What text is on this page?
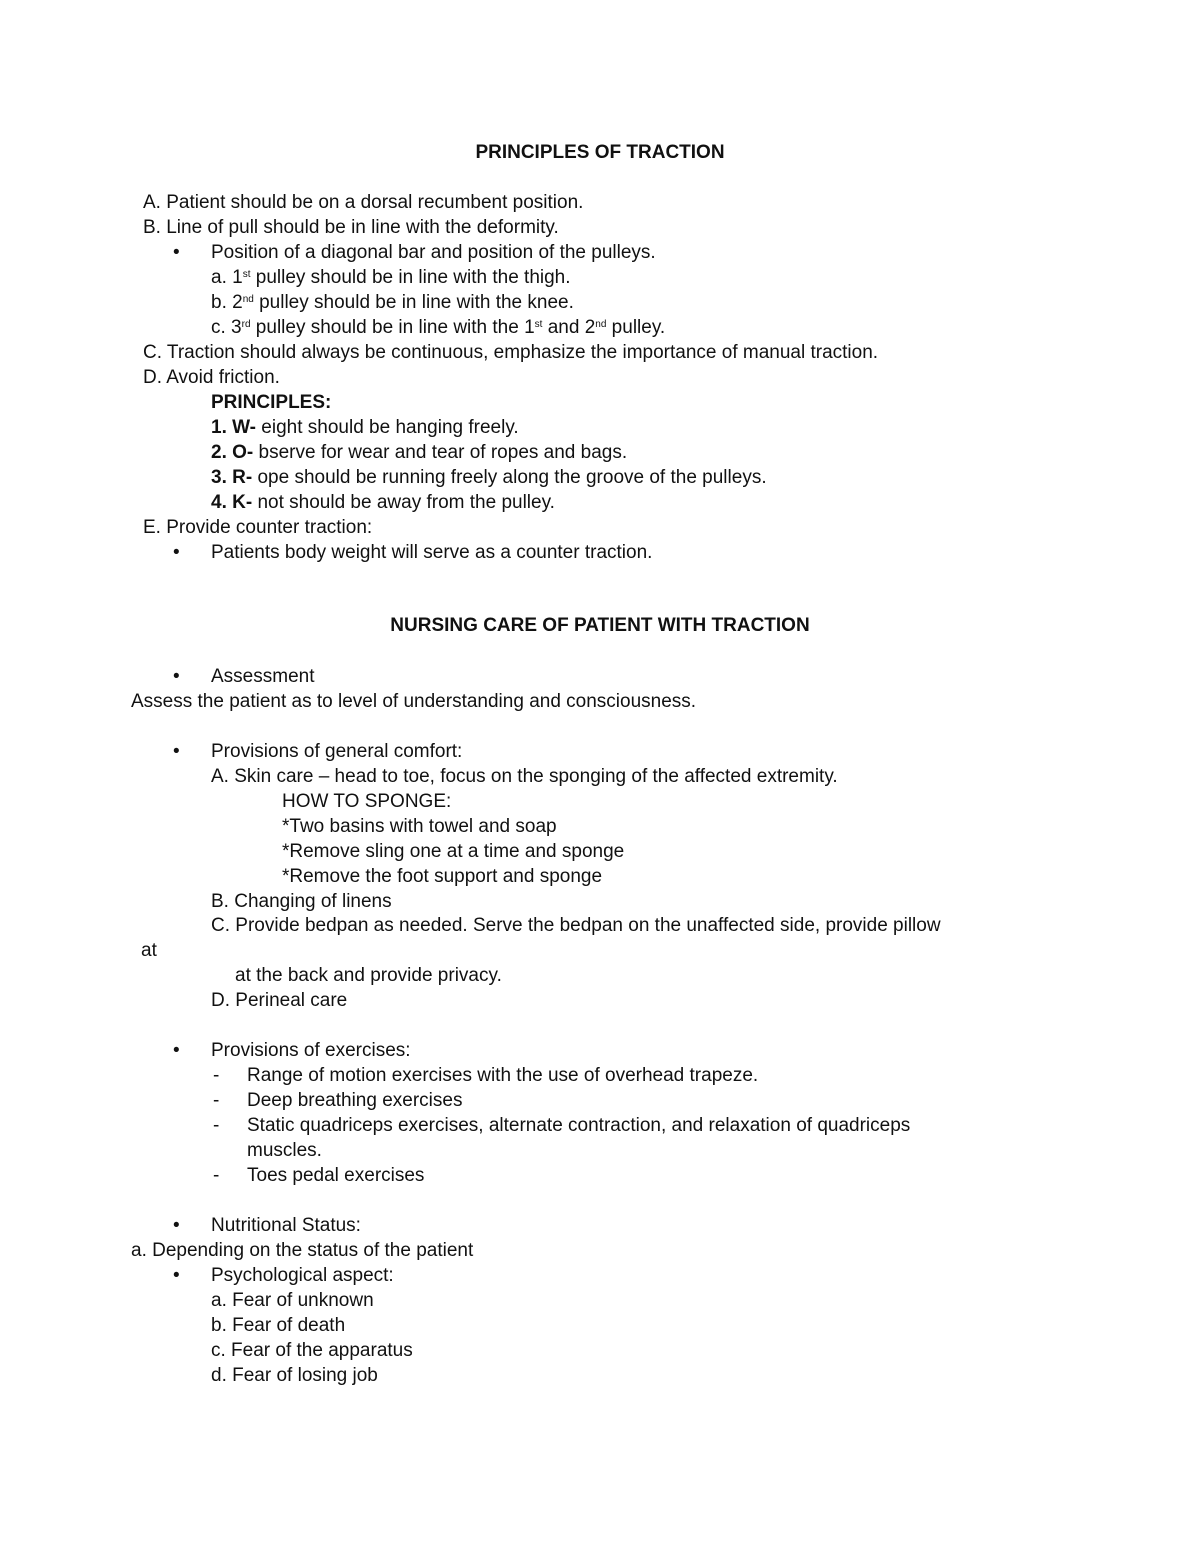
PRINCIPLES OF TRACTION
A. Patient should be on a dorsal recumbent position.
B. Line of pull should be in line with the deformity.
• Position of a diagonal bar and position of the pulleys.
a. 1st pulley should be in line with the thigh.
b. 2nd pulley should be in line with the knee.
c. 3rd pulley should be in line with the 1st and 2nd pulley.
C. Traction should always be continuous, emphasize the importance of manual traction.
D. Avoid friction.
PRINCIPLES:
1. W- eight should be hanging freely.
2. O- bserve for wear and tear of ropes and bags.
3. R- ope should be running freely along the groove of the pulleys.
4. K- not should be away from the pulley.
E. Provide counter traction:
• Patients body weight will serve as a counter traction.
NURSING CARE OF PATIENT WITH TRACTION
• Assessment
Assess the patient as to level of understanding and consciousness.
• Provisions of general comfort:
A. Skin care – head to toe, focus on the sponging of the affected extremity.
HOW TO SPONGE:
*Two basins with towel and soap
*Remove sling one at a time and sponge
*Remove the foot support and sponge
B. Changing of linens
C. Provide bedpan as needed. Serve the bedpan on the unaffected side, provide pillow
at
at the back and provide privacy.
D. Perineal care
• Provisions of exercises:
- Range of motion exercises with the use of overhead trapeze.
- Deep breathing exercises
- Static quadriceps exercises, alternate contraction, and relaxation of quadriceps
muscles.
- Toes pedal exercises
• Nutritional Status:
a. Depending on the status of the patient
• Psychological aspect:
a. Fear of unknown
b. Fear of death
c. Fear of the apparatus
d. Fear of losing job
